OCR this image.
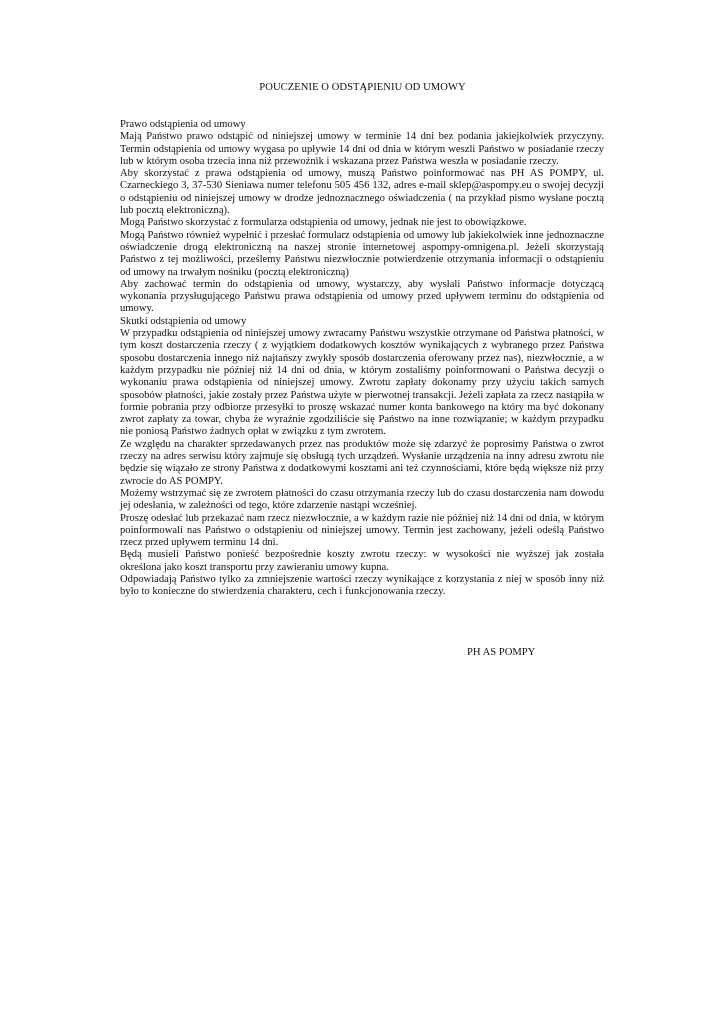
POUCZENIE O ODSTĄPIENIU OD UMOWY

Prawo odstąpienia od umowy

Mają Państwo prawo odstąpić od niniejszej umowy w terminie 14 dni bez podania jakiejkolwiek przyczyny. Termin odstąpienia od umowy wygasa po upływie 14 dni od dnia w którym weszli Państwo w posiadanie rzeczy lub w którym osoba trzecia inna niż przewoźnik i wskazana przez Państwa weszła w posiadanie rzeczy.

Aby skorzystać z prawa odstąpienia od umowy, muszą Państwo poinformować nas PH AS POMPY, ul. Czarneckiego 3, 37-530 Sieniawa numer telefonu 505 456 132, adres e-mail sklep@aspompy.eu o swojej decyzji o odstąpieniu od niniejszej umowy w drodze jednoznacznego oświadczenia ( na przykład pismo wysłane pocztą lub pocztą elektroniczną).

Mogą Państwo skorzystać z formularza odstąpienia od umowy, jednak nie jest to obowiązkowe.

Mogą Państwo również wypełnić i przesłać formularz odstąpienia od umowy lub jakiekolwiek inne jednoznaczne oświadczenie drogą elektroniczną na naszej stronie internetowej aspompy-omnigena.pl. Jeżeli skorzystają Państwo z tej możliwości, prześlemy Państwu niezwłocznie potwierdzenie otrzymania informacji o odstąpieniu od umowy na trwałym nośniku (pocztą elektroniczną)

Aby zachować termin do odstąpienia od umowy, wystarczy, aby wysłali Państwo informacje dotyczącą wykonania przysługującego Państwu prawa odstąpienia od umowy przed upływem terminu do odstąpienia od umowy.

Skutki odstąpienia od umowy

W przypadku odstąpienia od niniejszej umowy zwracamy Państwu wszystkie otrzymane od Państwa płatności, w tym koszt dostarczenia rzeczy ( z wyjątkiem dodatkowych kosztów wynikających z wybranego przez Państwa sposobu dostarczenia innego niż najtańszy zwykły sposób dostarczenia oferowany przez nas), niezwłocznie, a w każdym przypadku nie później niż 14 dni od dnia, w którym zostaliśmy poinformowani o Państwa decyzji o wykonaniu prawa odstąpienia od niniejszej umowy. Zwrotu zapłaty dokonamy przy użyciu takich samych sposobów płatności, jakie zostały przez Państwa użyte w pierwotnej transakcji. Jeżeli zapłata za rzecz nastąpiła w formie pobrania przy odbiorze przesyłki to proszę wskazać numer konta bankowego na który ma być dokonany zwrot zapłaty za towar, chyba że wyraźnie zgodziliście się Państwo na inne rozwiązanie; w każdym przypadku nie poniosą Państwo żadnych opłat w związku z tym zwrotem.

Ze względu na charakter sprzedawanych przez nas produktów może się zdarzyć że poprosimy Państwa o zwrot rzeczy na adres serwisu który zajmuje się obsługą tych urządzeń. Wysłanie urządzenia na inny adresu zwrotu nie będzie się wiązało ze strony Państwa z dodatkowymi kosztami ani też czynnościami, które będą większe niż przy zwrocie do AS POMPY.

Możemy wstrzymać się ze zwrotem płatności do czasu otrzymania rzeczy lub do czasu dostarczenia nam dowodu jej odesłania, w zależności od tego, które zdarzenie nastąpi wcześniej.

Proszę odesłać lub przekazać nam rzecz niezwłocznie, a w każdym razie nie później niż 14 dni od dnia, w którym poinformowali nas Państwo o odstąpieniu od niniejszej umowy. Termin jest zachowany, jeżeli odeślą Państwo rzecz przed upływem terminu 14 dni.

Będą musieli Państwo ponieść bezpośrednie koszty zwrotu rzeczy: w wysokości nie wyższej jak została określona jako koszt transportu przy zawieraniu umowy kupna.

Odpowiadają Państwo tylko za zmniejszenie wartości rzeczy wynikające z korzystania z niej w sposób inny niż było to konieczne do stwierdzenia charakteru, cech i funkcjonowania rzeczy.

PH AS POMPY
